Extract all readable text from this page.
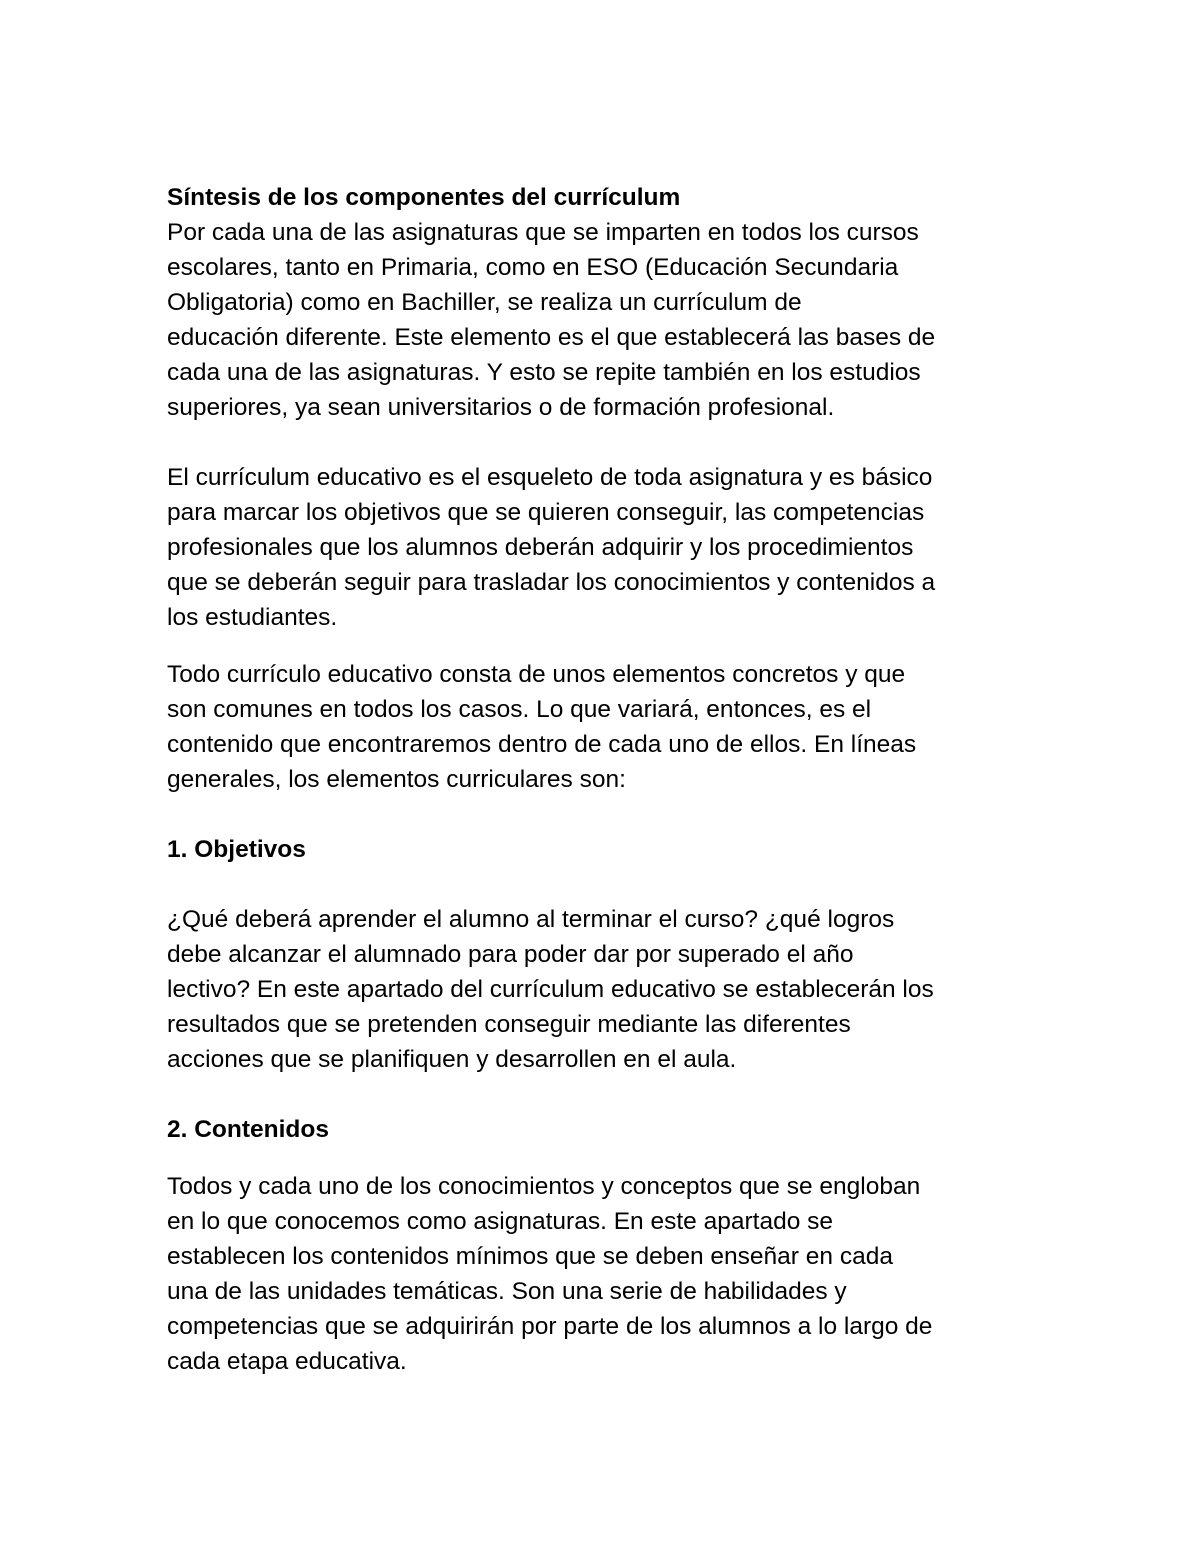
Síntesis de los componentes del currículum

Por cada una de las asignaturas que se imparten en todos los cursos
escolares, tanto en Primaria, como en ESO (Educación Secundaria
Obligatoria) como en Bachiller, se realiza un currículum de
educación diferente. Este elemento es el que establecerá las bases de
cada una de las asignaturas. Y esto se repite también en los estudios
superiores, ya sean universitarios o de formación profesional.

El currículum educativo es el esqueleto de toda asignatura y es básico
para marcar los objetivos que se quieren conseguir, las competencias
profesionales que los alumnos deberán adquirir y los procedimientos
que se deberán seguir para trasladar los conocimientos y contenidos a
los estudiantes.

Todo currículo educativo consta de unos elementos concretos y que
son comunes en todos los casos. Lo que variará, entonces, es el
contenido que encontraremos dentro de cada uno de ellos. En líneas
generales, los elementos curriculares son:

1. Objetivos

¿Qué deberá aprender el alumno al terminar el curso? ¿qué logros
debe alcanzar el alumnado para poder dar por superado el año
lectivo? En este apartado del currículum educativo se establecerán los
resultados que se pretenden conseguir mediante las diferentes
acciones que se planifiquen y desarrollen en el aula.

2. Contenidos

Todos y cada uno de los conocimientos y conceptos que se engloban
en lo que conocemos como asignaturas. En este apartado se
establecen los contenidos mínimos que se deben enseñar en cada
una de las unidades temáticas. Son una serie de habilidades y
competencias que se adquirirán por parte de los alumnos a lo largo de
cada etapa educativa.
